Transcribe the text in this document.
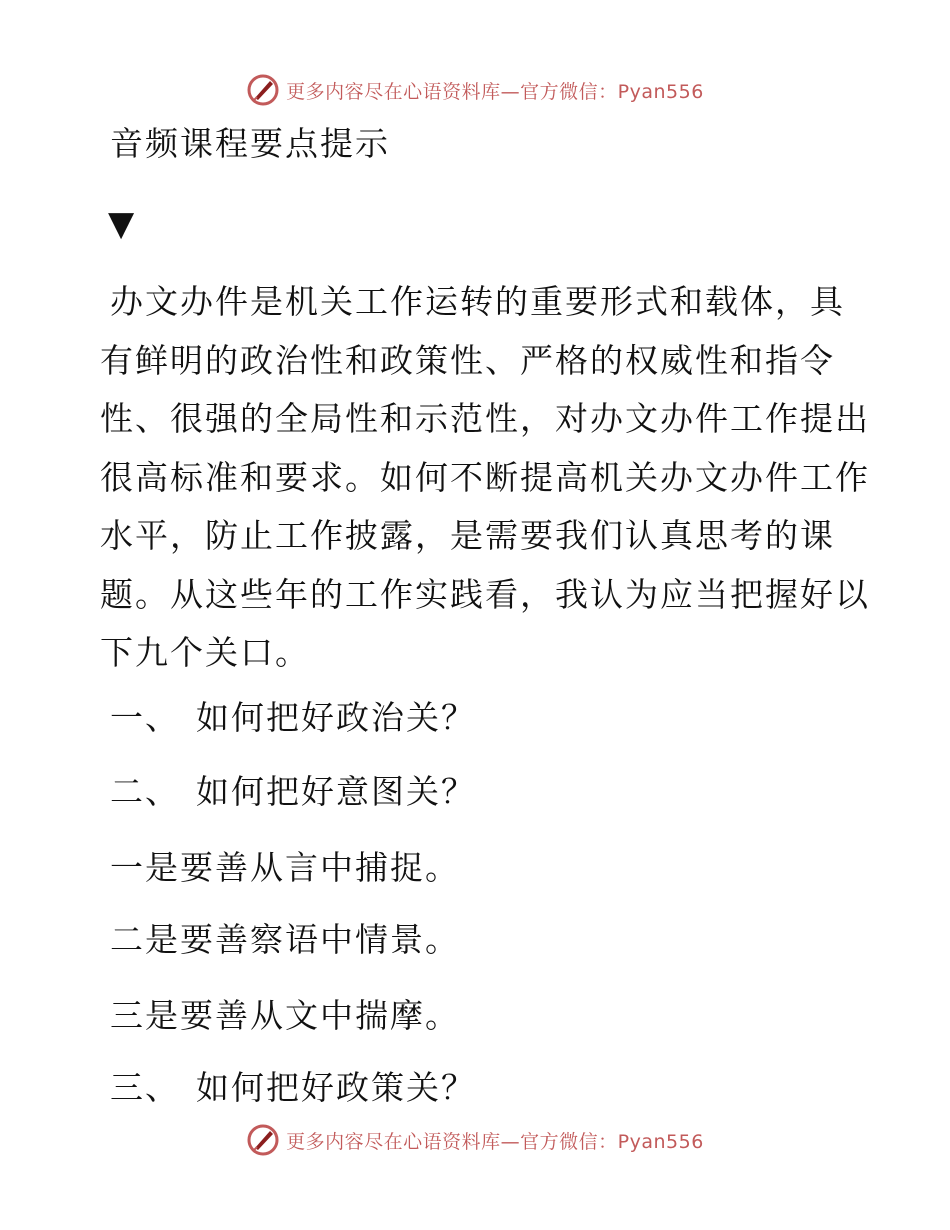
更多内容尽在心语资料库—官方微信：Pyan556
音频课程要点提示
▼
办文办件是机关工作运转的重要形式和载体，具
有鲜明的政治性和政策性、严格的权威性和指令
性、很强的全局性和示范性，对办文办件工作提出
很高标准和要求。如何不断提高机关办文办件工作
水平，防止工作披露，是需要我们认真思考的课
题。从这些年的工作实践看，我认为应当把握好以
下九个关口。
一、 如何把好政治关？
二、 如何把好意图关？
一是要善从言中捕捉。
二是要善察语中情景。
三是要善从文中揣摩。
三、 如何把好政策关？
更多内容尽在心语资料库—官方微信：Pyan556
